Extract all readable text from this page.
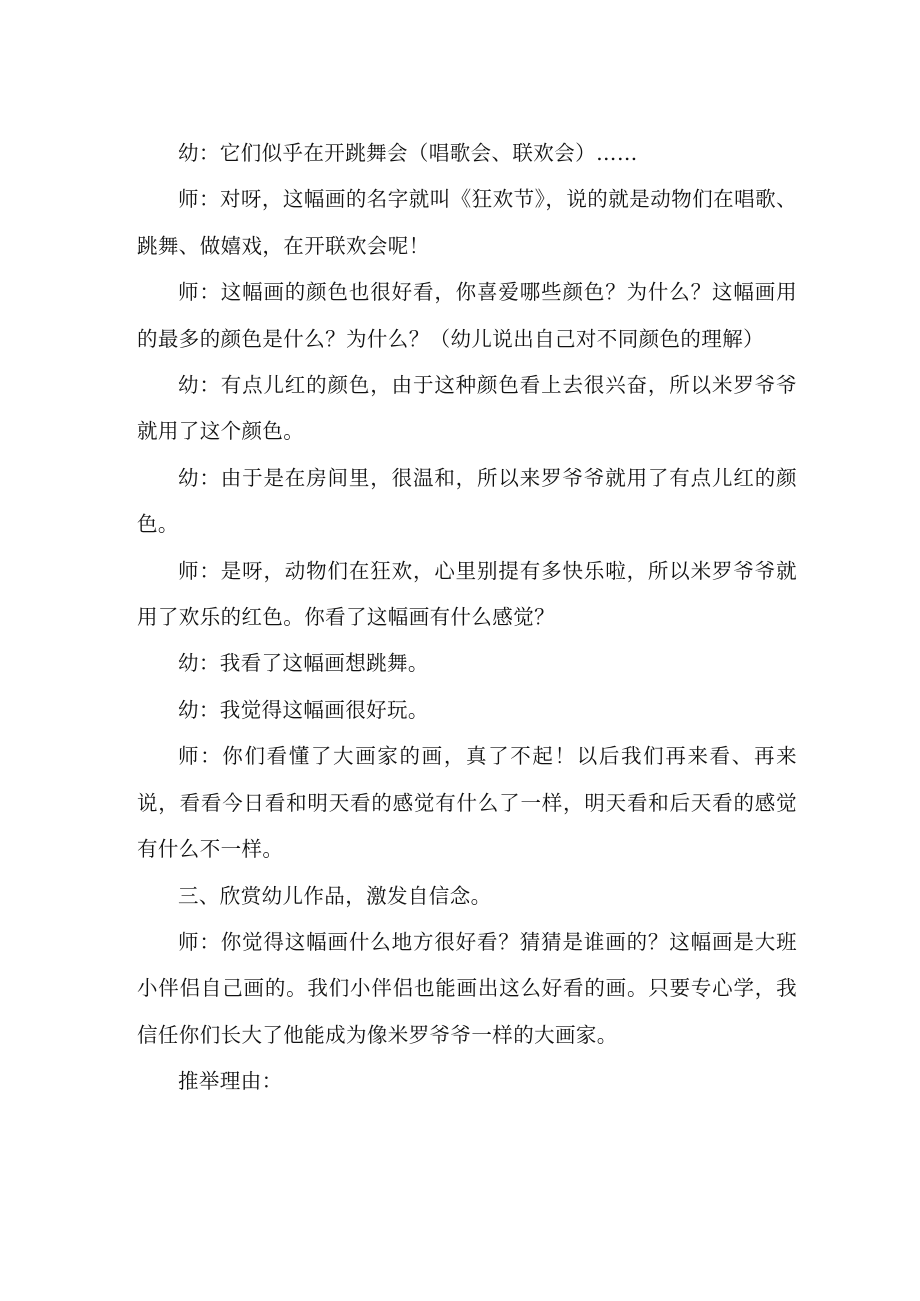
幼：它们似乎在开跳舞会（唱歌会、联欢会）……

师：对呀，这幅画的名字就叫《狂欢节》，说的就是动物们在唱歌、跳舞、做嬉戏，在开联欢会呢！

师：这幅画的颜色也很好看，你喜爱哪些颜色？为什么？这幅画用的最多的颜色是什么？为什么？（幼儿说出自己对不同颜色的理解）

幼：有点儿红的颜色，由于这种颜色看上去很兴奋，所以米罗爷爷就用了这个颜色。

幼：由于是在房间里，很温和，所以来罗爷爷就用了有点儿红的颜色。

师：是呀，动物们在狂欢，心里别提有多快乐啦，所以米罗爷爷就用了欢乐的红色。你看了这幅画有什么感觉？

幼：我看了这幅画想跳舞。

幼：我觉得这幅画很好玩。

师：你们看懂了大画家的画，真了不起！以后我们再来看、再来说，看看今日看和明天看的感觉有什么了一样，明天看和后天看的感觉有什么不一样。

三、欣赏幼儿作品，激发自信念。

师：你觉得这幅画什么地方很好看？猜猜是谁画的？这幅画是大班小伴侣自己画的。我们小伴侣也能画出这么好看的画。只要专心学，我信任你们长大了他能成为像米罗爷爷一样的大画家。

推举理由：
